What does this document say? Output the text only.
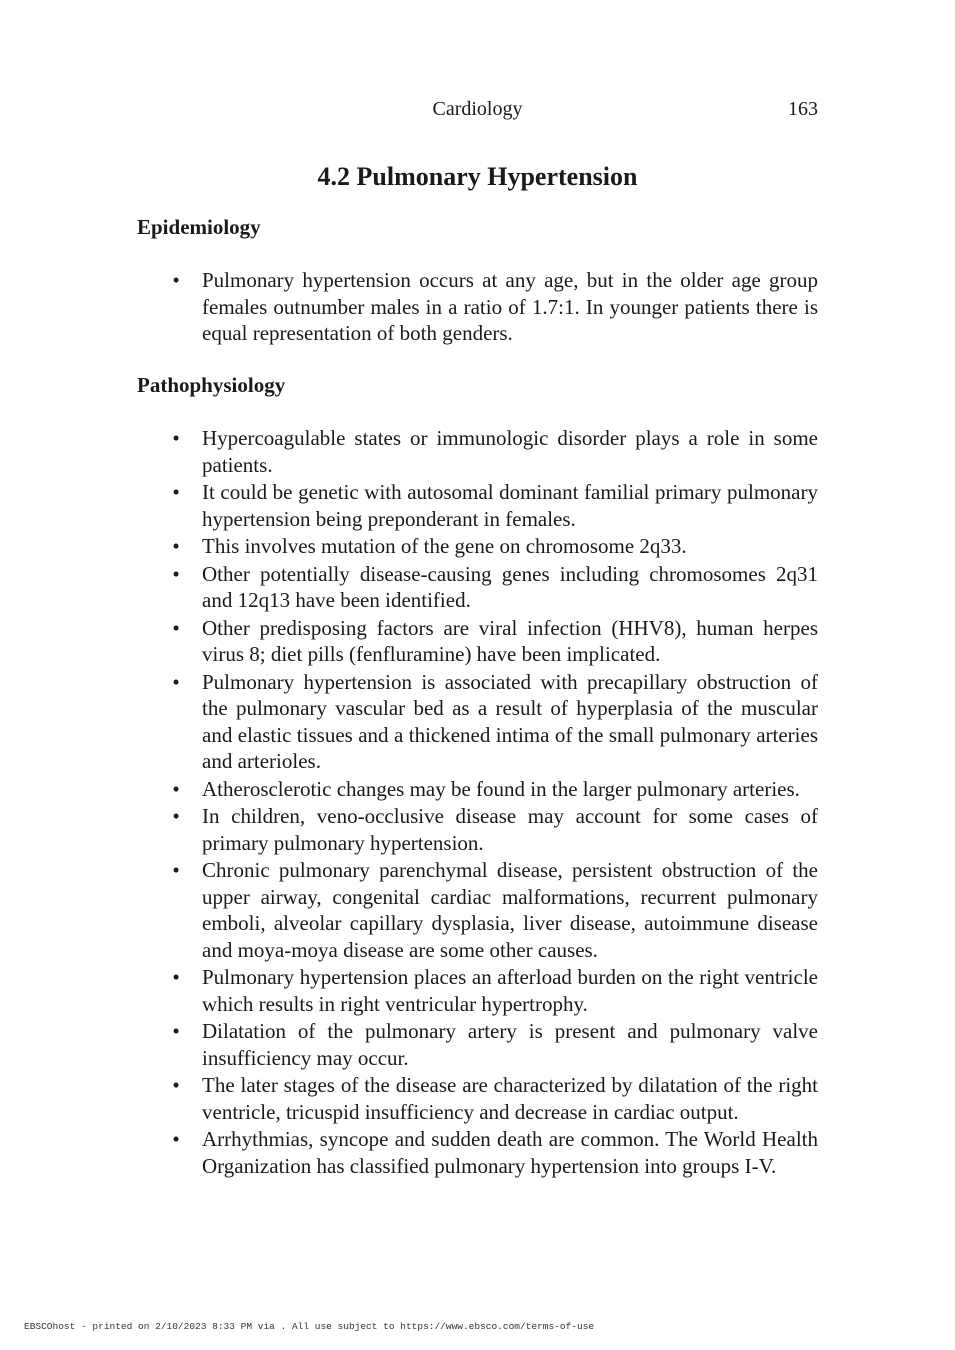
Cardiology	163
4.2 Pulmonary Hypertension
Epidemiology
• Pulmonary hypertension occurs at any age, but in the older age group females outnumber males in a ratio of 1.7:1. In younger patients there is equal representation of both genders.
Pathophysiology
• Hypercoagulable states or immunologic disorder plays a role in some patients.
• It could be genetic with autosomal dominant familial primary pulmonary hypertension being preponderant in females.
• This involves mutation of the gene on chromosome 2q33.
• Other potentially disease-causing genes including chromosomes 2q31 and 12q13 have been identified.
• Other predisposing factors are viral infection (HHV8), human herpes virus 8; diet pills (fenfluramine) have been implicated.
• Pulmonary hypertension is associated with precapillary obstruction of the pulmonary vascular bed as a result of hyperplasia of the muscular and elastic tissues and a thickened intima of the small pulmonary arteries and arterioles.
• Atherosclerotic changes may be found in the larger pulmonary arteries.
• In children, veno-occlusive disease may account for some cases of primary pulmonary hypertension.
• Chronic pulmonary parenchymal disease, persistent obstruction of the upper airway, congenital cardiac malformations, recurrent pulmonary emboli, alveolar capillary dysplasia, liver disease, autoimmune disease and moya-moya disease are some other causes.
• Pulmonary hypertension places an afterload burden on the right ventricle which results in right ventricular hypertrophy.
• Dilatation of the pulmonary artery is present and pulmonary valve insufficiency may occur.
• The later stages of the disease are characterized by dilatation of the right ventricle, tricuspid insufficiency and decrease in cardiac output.
• Arrhythmias, syncope and sudden death are common. The World Health Organization has classified pulmonary hypertension into groups I-V.
EBSCOhost - printed on 2/10/2023 8:33 PM via . All use subject to https://www.ebsco.com/terms-of-use
